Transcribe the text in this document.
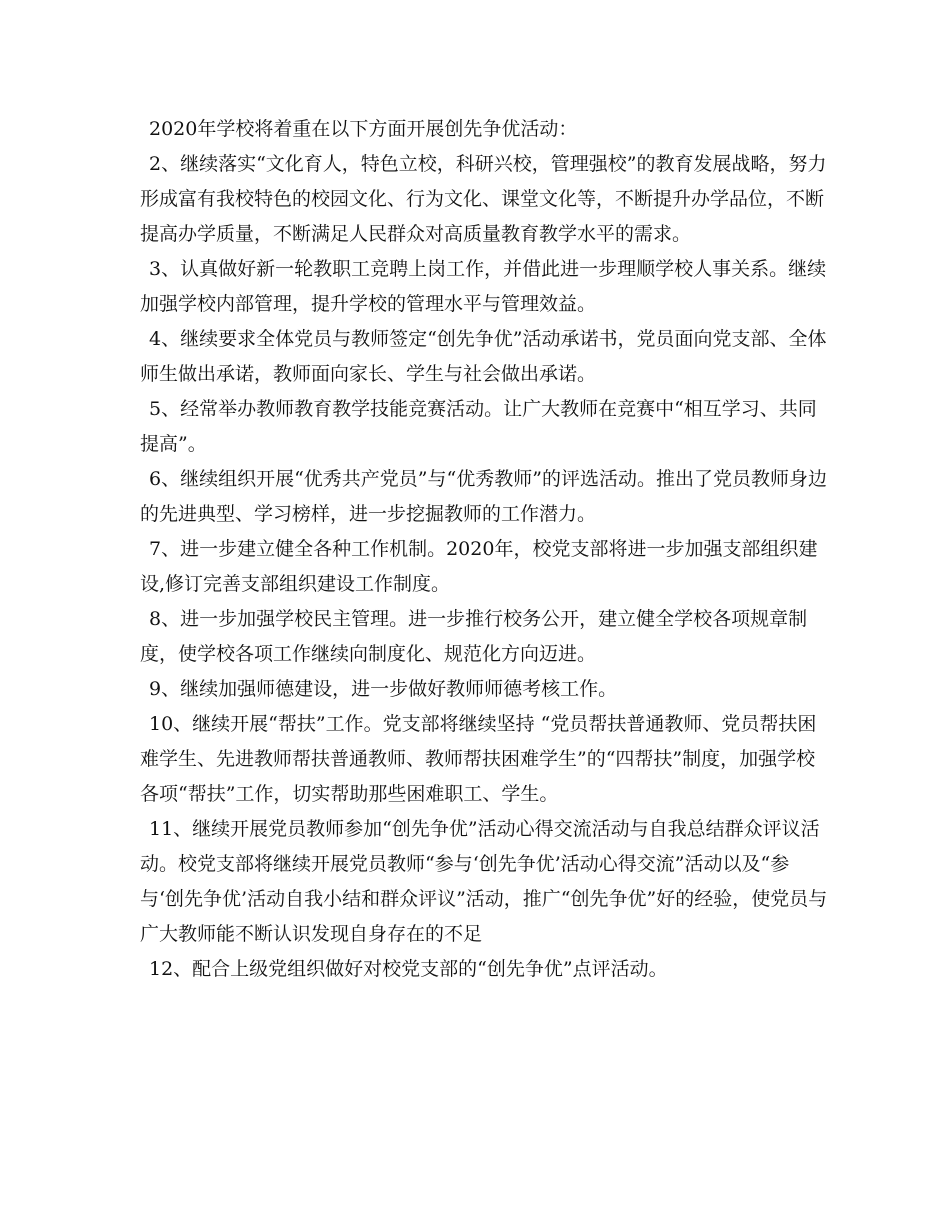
2020年学校将着重在以下方面开展创先争优活动：

2、继续落实“文化育人，特色立校，科研兴校，管理强校”的教育发展战略，努力形成富有我校特色的校园文化、行为文化、课堂文化等，不断提升办学品位，不断提高办学质量，不断满足人民群众对高质量教育教学水平的需求。

3、认真做好新一轮教职工竞聘上岗工作，并借此进一步理顺学校人事关系。继续加强学校内部管理，提升学校的管理水平与管理效益。

4、继续要求全体党员与教师签定“创先争优”活动承诺书，党员面向党支部、全体师生做出承诺，教师面向家长、学生与社会做出承诺。

5、经常举办教师教育教学技能竞赛活动。让广大教师在竞赛中“相互学习、共同提高”。

6、继续组织开展“优秀共产党员”与“优秀教师”的评选活动。推出了党员教师身边的先进典型、学习榜样，进一步挖掘教师的工作潜力。

7、进一步建立健全各种工作机制。2020年，校党支部将进一步加强支部组织建设,修订完善支部组织建设工作制度。

8、进一步加强学校民主管理。进一步推行校务公开，建立健全学校各项规章制度，使学校各项工作继续向制度化、规范化方向迈进。

9、继续加强师德建设，进一步做好教师师德考核工作。

10、继续开展“帮扶”工作。党支部将继续坚持 “党员帮扶普通教师、党员帮扶困难学生、先进教师帮扶普通教师、教师帮扶困难学生”的“四帮扶”制度，加强学校各项“帮扶”工作，切实帮助那些困难职工、学生。

11、继续开展党员教师参加“创先争优”活动心得交流活动与自我总结群众评议活动。校党支部将继续开展党员教师“参与‘创先争优’活动心得交流”活动以及“参与‘创先争优’活动自我小结和群众评议”活动，推广“创先争优”好的经验，使党员与广大教师能不断认识发现自身存在的不足

12、配合上级党组织做好对校党支部的“创先争优”点评活动。
